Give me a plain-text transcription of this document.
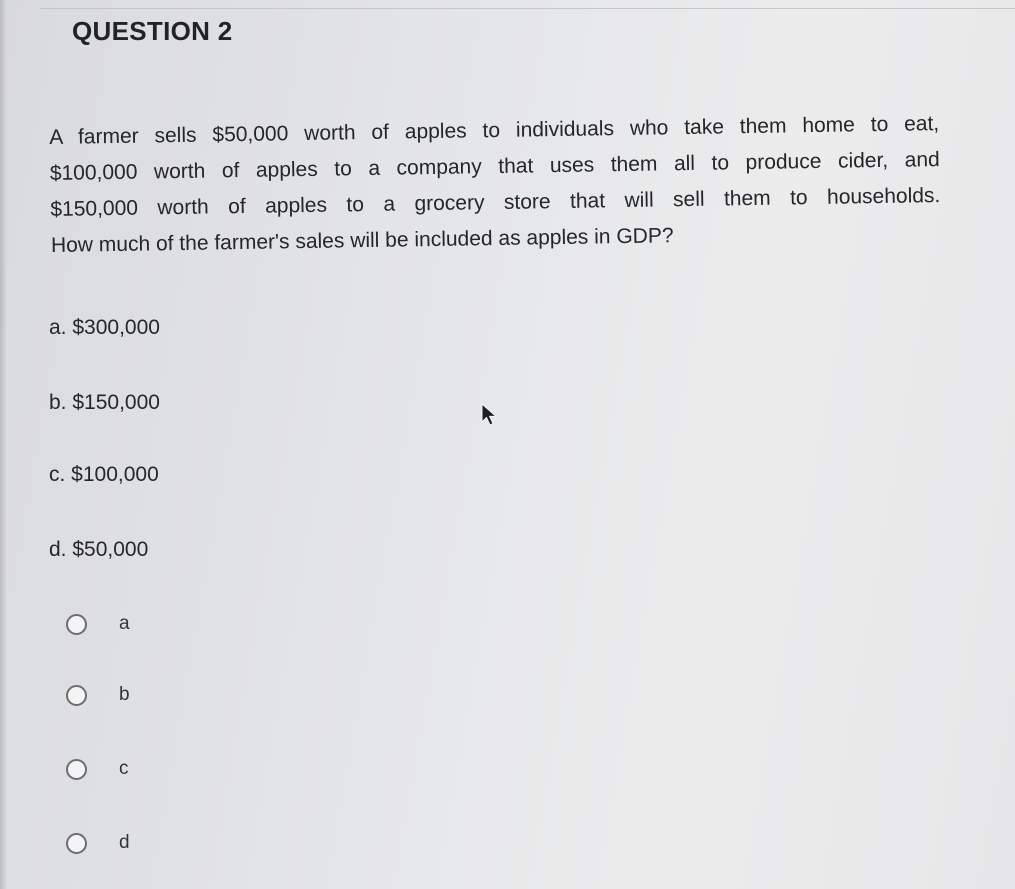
QUESTION 2
A farmer sells $50,000 worth of apples to individuals who take them home to eat,
$100,000 worth of apples to a company that uses them all to produce cider, and
$150,000 worth of apples to a grocery store that will sell them to households.
How much of the farmer's sales will be included as apples in GDP?
a. $300,000
b. $150,000
c. $100,000
d. $50,000
a
b
c
d
